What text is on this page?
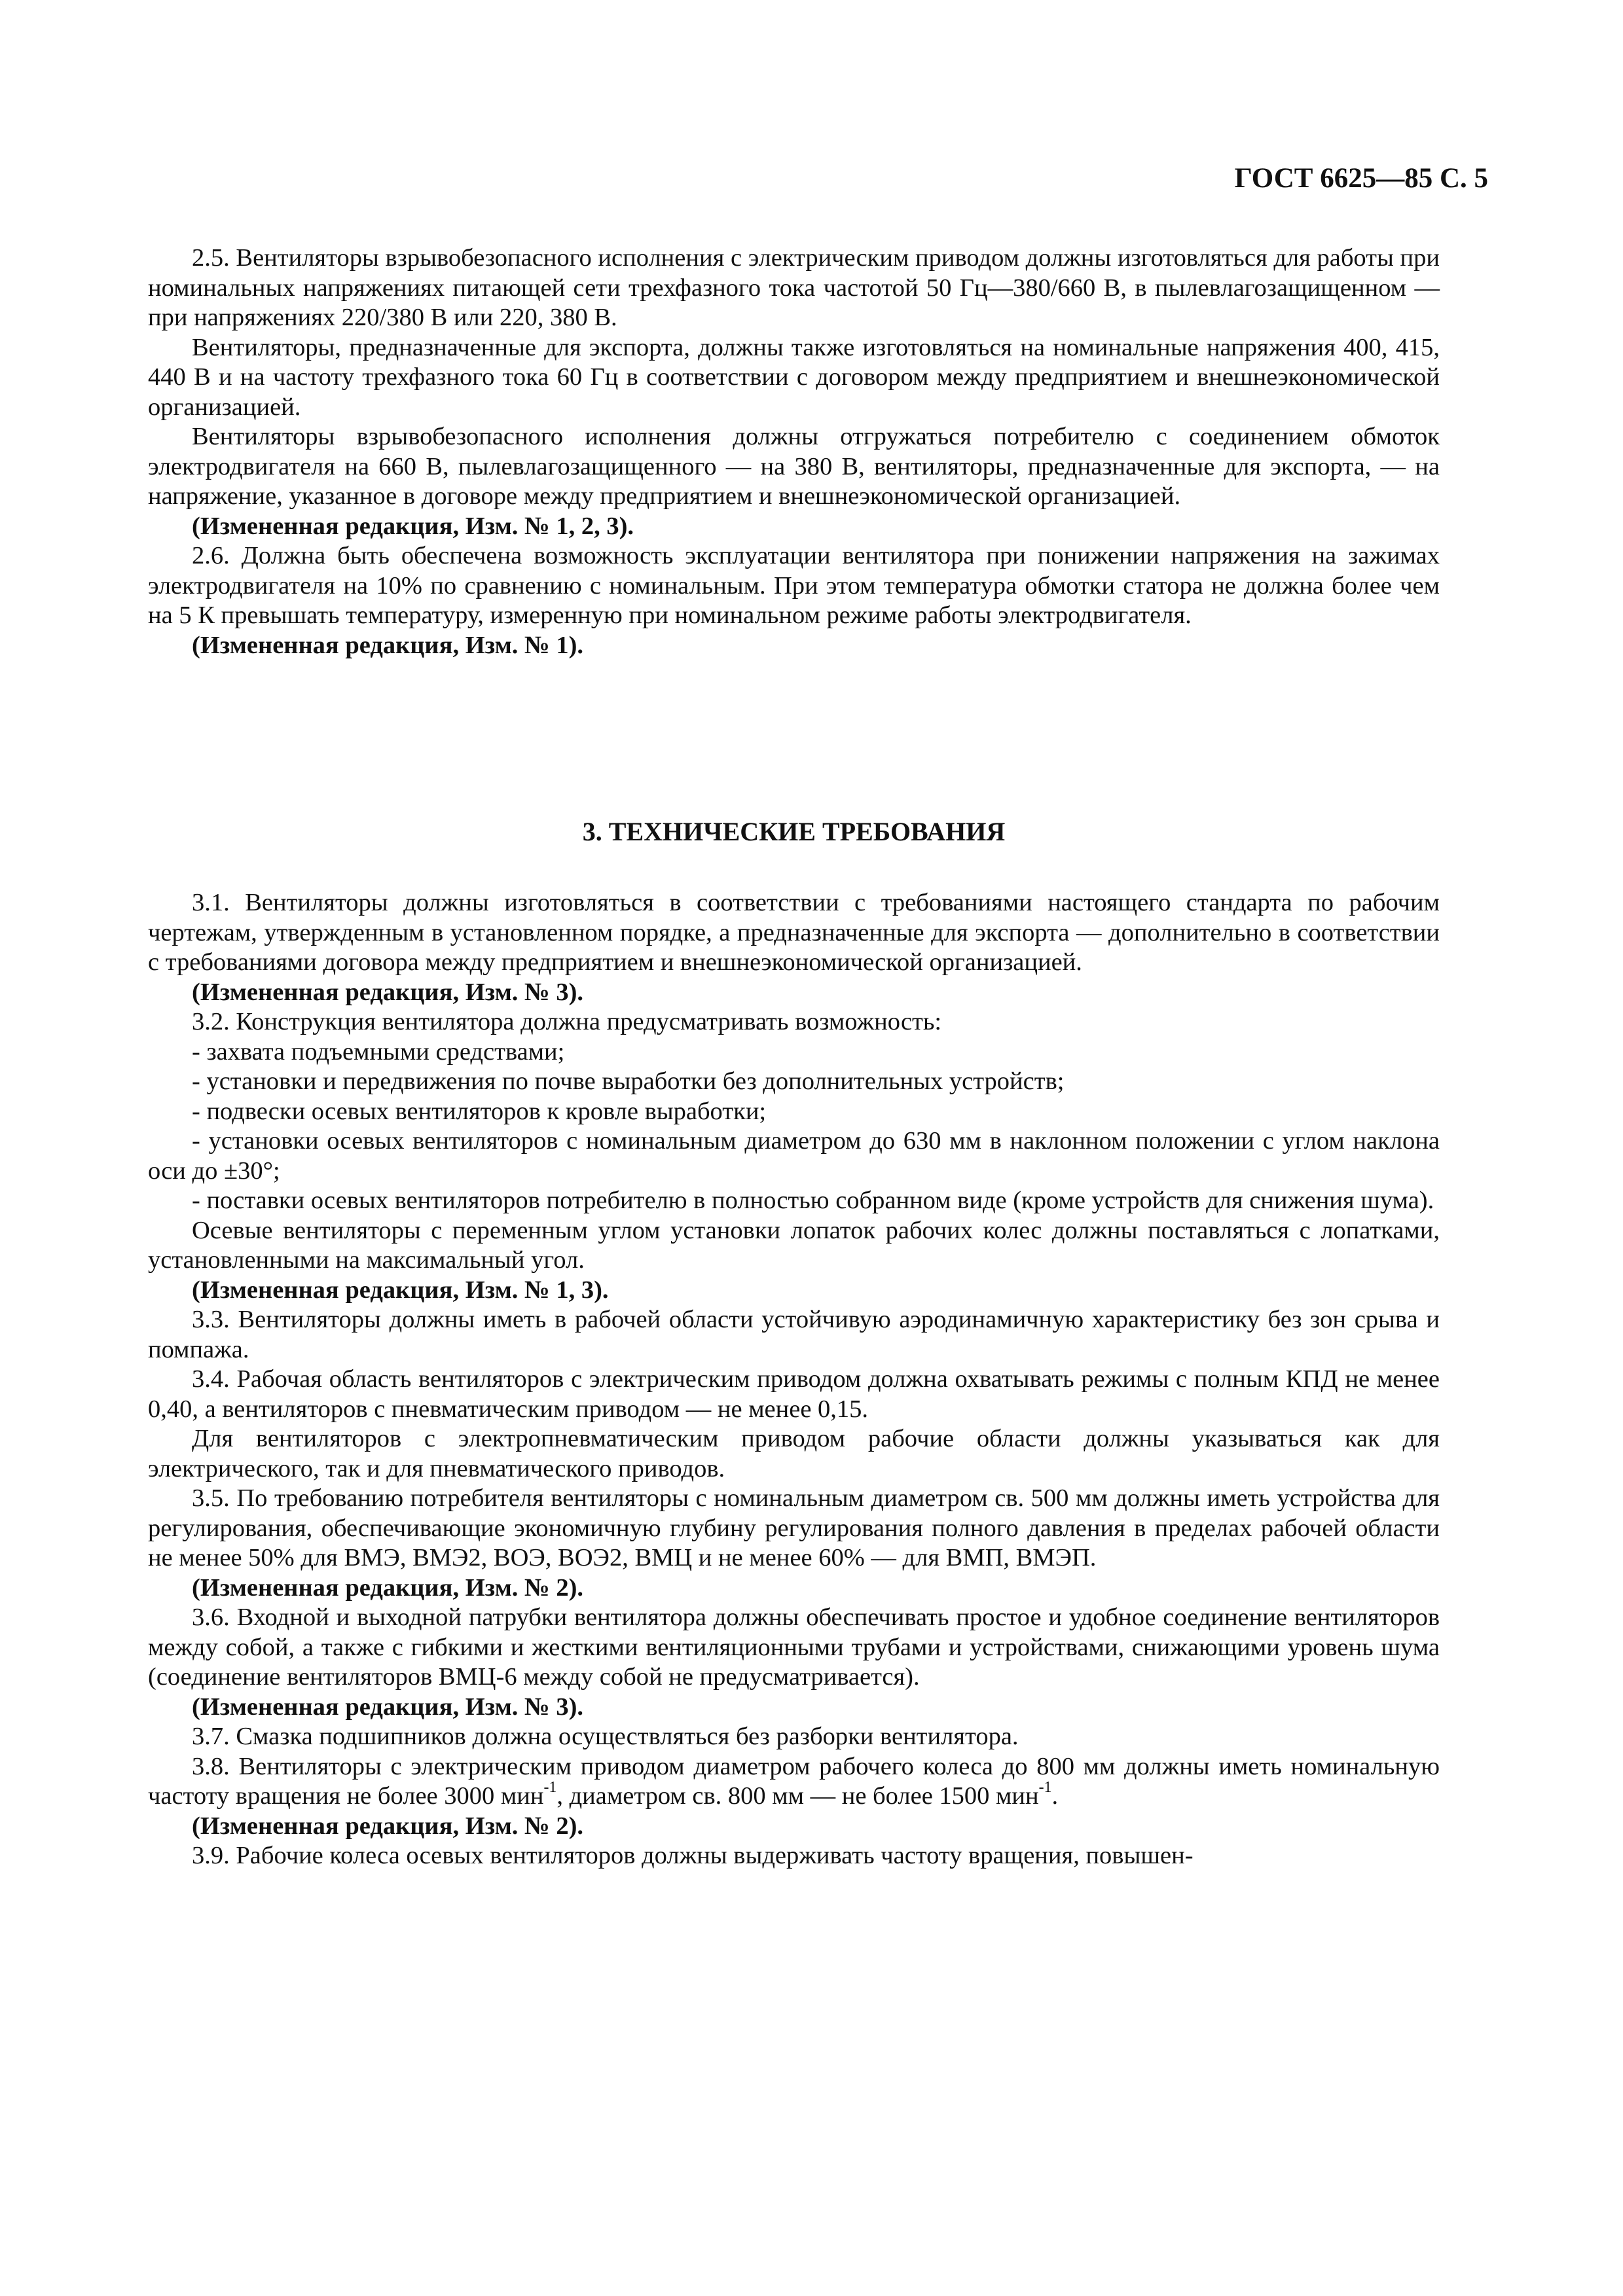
ГОСТ 6625—85 С. 5

2.5. Вентиляторы взрывобезопасного исполнения с электрическим приводом должны изготовляться для работы при номинальных напряжениях питающей сети трехфазного тока частотой 50 Гц—380/660 В, в пылевлагозащищенном — при напряжениях 220/380 В или 220, 380 В.

Вентиляторы, предназначенные для экспорта, должны также изготовляться на номинальные напряжения 400, 415, 440 В и на частоту трехфазного тока 60 Гц в соответствии с договором между предприятием и внешнеэкономической организацией.

Вентиляторы взрывобезопасного исполнения должны отгружаться потребителю с соединением обмоток электродвигателя на 660 В, пылевлагозащищенного — на 380 В, вентиляторы, предназначенные для экспорта, — на напряжение, указанное в договоре между предприятием и внешнеэкономической организацией.

(Измененная редакция, Изм. № 1, 2, 3).

2.6. Должна быть обеспечена возможность эксплуатации вентилятора при понижении напряжения на зажимах электродвигателя на 10% по сравнению с номинальным. При этом температура обмотки статора не должна более чем на 5 К превышать температуру, измеренную при номинальном режиме работы электродвигателя.

(Измененная редакция, Изм. № 1).

3. ТЕХНИЧЕСКИЕ ТРЕБОВАНИЯ

3.1. Вентиляторы должны изготовляться в соответствии с требованиями настоящего стандарта по рабочим чертежам, утвержденным в установленном порядке, а предназначенные для экспорта — дополнительно в соответствии с требованиями договора между предприятием и внешнеэкономической организацией.

(Измененная редакция, Изм. № 3).

3.2. Конструкция вентилятора должна предусматривать возможность:

- захвата подъемными средствами;

- установки и передвижения по почве выработки без дополнительных устройств;

- подвески осевых вентиляторов к кровле выработки;

- установки осевых вентиляторов с номинальным диаметром до 630 мм в наклонном положении с углом наклона оси до ±30°;

- поставки осевых вентиляторов потребителю в полностью собранном виде (кроме устройств для снижения шума).

Осевые вентиляторы с переменным углом установки лопаток рабочих колес должны поставляться с лопатками, установленными на максимальный угол.

(Измененная редакция, Изм. № 1, 3).

3.3. Вентиляторы должны иметь в рабочей области устойчивую аэродинамичную характеристику без зон срыва и помпажа.

3.4. Рабочая область вентиляторов с электрическим приводом должна охватывать режимы с полным КПД не менее 0,40, а вентиляторов с пневматическим приводом — не менее 0,15.

Для вентиляторов с электропневматическим приводом рабочие области должны указываться как для электрического, так и для пневматического приводов.

3.5. По требованию потребителя вентиляторы с номинальным диаметром св. 500 мм должны иметь устройства для регулирования, обеспечивающие экономичную глубину регулирования полного давления в пределах рабочей области не менее 50% для ВМЭ, ВМЭ2, ВОЭ, ВОЭ2, ВМЦ и не менее 60% — для ВМП, ВМЭП.

(Измененная редакция, Изм. № 2).

3.6. Входной и выходной патрубки вентилятора должны обеспечивать простое и удобное соединение вентиляторов между собой, а также с гибкими и жесткими вентиляционными трубами и устройствами, снижающими уровень шума (соединение вентиляторов ВМЦ-6 между собой не предусматривается).

(Измененная редакция, Изм. № 3).

3.7. Смазка подшипников должна осуществляться без разборки вентилятора.

3.8. Вентиляторы с электрическим приводом диаметром рабочего колеса до 800 мм должны иметь номинальную частоту вращения не более 3000 мин$^{-1}$, диаметром св. 800 мм — не более 1500 мин$^{-1}$.

(Измененная редакция, Изм. № 2).

3.9. Рабочие колеса осевых вентиляторов должны выдерживать частоту вращения, повышен-
